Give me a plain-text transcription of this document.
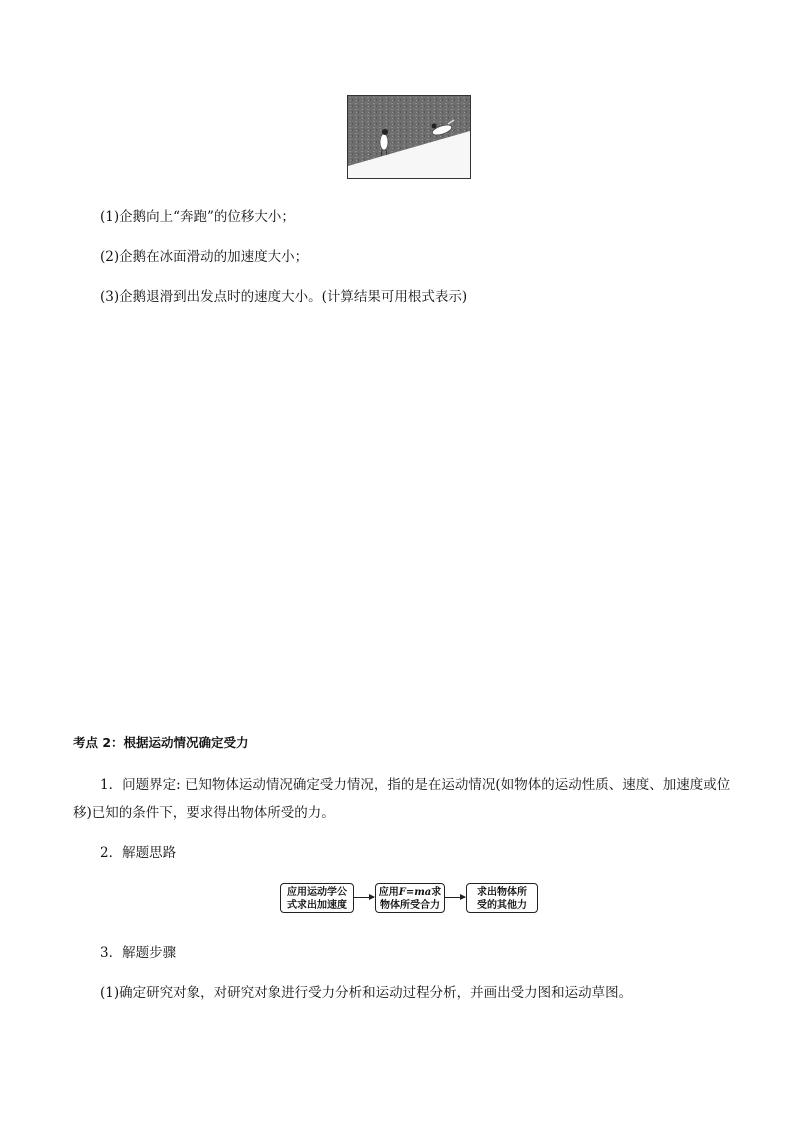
(1)企鹅向上“奔跑”的位移大小；
(2)企鹅在冰面滑动的加速度大小；
(3)企鹅退滑到出发点时的速度大小。(计算结果可用根式表示)
考点 2：根据运动情况确定受力
1．问题界定: 已知物体运动情况确定受力情况，指的是在运动情况(如物体的运动性质、速度、加速度或位移)已知的条件下，要求得出物体所受的力。
2．解题思路
应用运动学公
式求出加速度
应用F=ma求
物体所受合力
求出物体所
受的其他力
3．解题步骤
(1)确定研究对象，对研究对象进行受力分析和运动过程分析，并画出受力图和运动草图。
